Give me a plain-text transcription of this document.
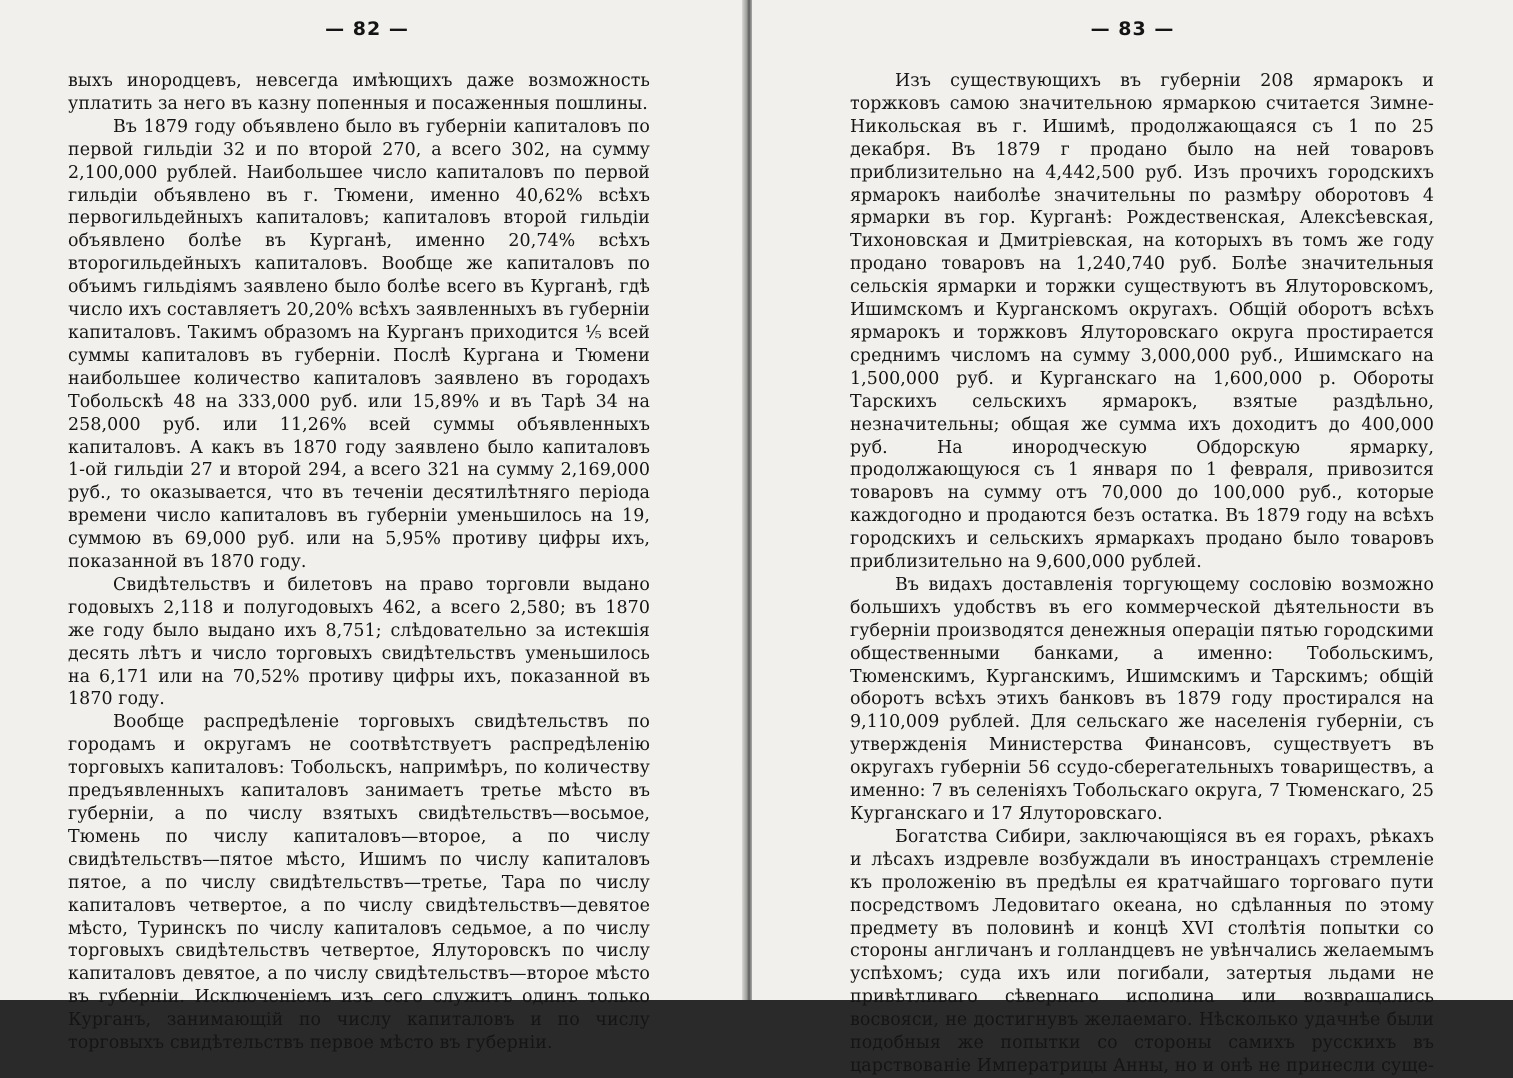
— 82 —

выхъ инородцевъ, невсегда имѣющихъ даже возможность уплатить за него въ казну попенныя и посаженныя пошлины.

Въ 1879 году объявлено было въ губерніи капиталовъ по первой гильдіи 32 и по второй 270, а всего 302, на сумму 2,100,000 рублей. Наибольшее число капиталовъ по первой гильдіи объявлено въ г. Тюмени, именно 40,62% всѣхъ первогильдейныхъ капиталовъ; капиталовъ второй гильдіи объявлено болѣе въ Курганѣ, именно 20,74% всѣхъ второгильдейныхъ капиталовъ. Вообще же капиталовъ по объимъ гильдіямъ заявлено было болѣе всего въ Курганѣ, гдѣ число ихъ составляетъ 20,20% всѣхъ заявленныхъ въ губерніи капиталовъ. Такимъ образомъ на Курганъ приходится ⅕ всей суммы капиталовъ въ губерніи. Послѣ Кургана и Тюмени наибольшее количество капиталовъ заявлено въ городахъ Тобольскѣ 48 на 333,000 руб. или 15,89% и въ Тарѣ 34 на 258,000 руб. или 11,26% всей суммы объявленныхъ капиталовъ. А какъ въ 1870 году заявлено было капиталовъ 1-ой гильдіи 27 и второй 294, а всего 321 на сумму 2,169,000 руб., то оказывается, что въ теченіи десятилѣтняго періода времени число капиталовъ въ губерніи уменьшилось на 19, суммою въ 69,000 руб. или на 5,95% противу цифры ихъ, показанной въ 1870 году.

Свидѣтельствъ и билетовъ на право торговли выдано годовыхъ 2,118 и полугодовыхъ 462, а всего 2,580; въ 1870 же году было выдано ихъ 8,751; слѣдовательно за истекшія десять лѣтъ и число торговыхъ свидѣтельствъ уменьшилось на 6,171 или на 70,52% противу цифры ихъ, показанной въ 1870 году.

Вообще распредѣленіе торговыхъ свидѣтельствъ по городамъ и округамъ не соотвѣтствуетъ распредѣленію торговыхъ капиталовъ: Тобольскъ, напримѣръ, по количеству предъявленныхъ капиталовъ занимаетъ третье мѣсто въ губерніи, а по числу взятыхъ свидѣтельствъ—восьмое, Тюмень по числу капиталовъ—второе, а по числу свидѣтельствъ—пятое мѣсто, Ишимъ по числу капиталовъ пятое, а по числу свидѣтельствъ—третье, Тара по числу капиталовъ четвертое, а по числу свидѣтельствъ—девятое мѣсто, Туринскъ по числу капиталовъ седьмое, а по числу торговыхъ свидѣтельствъ четвертое, Ялуторовскъ по числу капиталовъ девятое, а по числу свидѣтельствъ—второе мѣсто въ губерніи. Исключеніемъ изъ сего служитъ одинъ только Курганъ, занимающій по числу капиталовъ и по числу торговыхъ свидѣтельствъ первое мѣсто въ губерніи.

— 83 —

Изъ существующихъ въ губерніи 208 ярмарокъ и торжковъ самою значительною ярмаркою считается Зимне-Никольская въ г. Ишимѣ, продолжающаяся съ 1 по 25 декабря. Въ 1879 г продано было на ней товаровъ приблизительно на 4,442,500 руб. Изъ прочихъ городскихъ ярмарокъ наиболѣе значительны по размѣру оборотовъ 4 ярмарки въ гор. Курганѣ: Рождественская, Алексѣевская, Тихоновская и Дмитріевская, на которыхъ въ томъ же году продано товаровъ на 1,240,740 руб. Болѣе значительныя сельскія ярмарки и торжки существуютъ въ Ялуторовскомъ, Ишимскомъ и Курганскомъ округахъ. Общій оборотъ всѣхъ ярмарокъ и торжковъ Ялуторовскаго округа простирается среднимъ числомъ на сумму 3,000,000 руб., Ишимскаго на 1,500,000 руб. и Курганскаго на 1,600,000 р. Обороты Тарскихъ сельскихъ ярмарокъ, взятые раздѣльно, незначительны; общая же сумма ихъ доходитъ до 400,000 руб. На инородческую Обдорскую ярмарку, продолжающуюся съ 1 января по 1 февраля, привозится товаровъ на сумму отъ 70,000 до 100,000 руб., которые каждогодно и продаются безъ остатка. Въ 1879 году на всѣхъ городскихъ и сельскихъ ярмаркахъ продано было товаровъ приблизительно на 9,600,000 рублей.

Въ видахъ доставленія торгующему сословію возможно большихъ удобствъ въ его коммерческой дѣятельности въ губерніи производятся денежныя операціи пятью городскими общественными банками, а именно: Тобольскимъ, Тюменскимъ, Курганскимъ, Ишимскимъ и Тарскимъ; общій оборотъ всѣхъ этихъ банковъ въ 1879 году простирался на 9,110,009 рублей. Для сельскаго же населенія губерніи, съ утвержденія Министерства Финансовъ, существуетъ въ округахъ губерніи 56 ссудо-сберегательныхъ товариществъ, а именно: 7 въ селеніяхъ Тобольскаго округа, 7 Тюменскаго, 25 Курганскаго и 17 Ялуторовскаго.

Богатства Сибири, заключающіяся въ ея горахъ, рѣкахъ и лѣсахъ издревле возбуждали въ иностранцахъ стремленіе къ проложенію въ предѣлы ея кратчайшаго торговаго пути посредствомъ Ледовитаго океана, но сдѣланныя по этому предмету въ половинѣ и концѣ XVI столѣтія попытки со стороны англичанъ и голландцевъ не увѣнчались желаемымъ успѣхомъ; суда ихъ или погибали, затертыя льдами не привѣтливаго сѣвернаго исполина или возвращались восвояси, не достигнувъ желаемаго. Нѣсколько удачнѣе были подобныя же попытки со стороны самихъ русскихъ въ царствованіе Императрицы Анны, но и онѣ не принесли суще-
